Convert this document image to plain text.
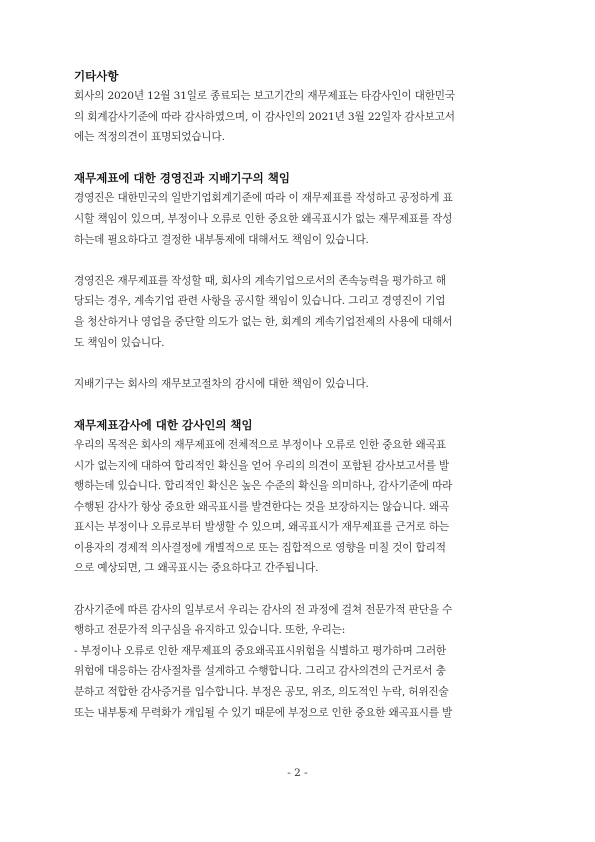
기타사항
회사의 2020년 12월 31일로 종료되는 보고기간의 재무제표는 타감사인이 대한민국
의 회계감사기준에 따라 감사하였으며, 이 감사인의 2021년 3월 22일자 감사보고서
에는 적정의견이 표명되었습니다.
재무제표에 대한 경영진과 지배기구의 책임
경영진은 대한민국의 일반기업회계기준에 따라 이 재무제표를 작성하고 공정하게 표
시할 책임이 있으며, 부정이나 오류로 인한 중요한 왜곡표시가 없는 재무제표를 작성
하는데 필요하다고 결정한 내부통제에 대해서도 책임이 있습니다.
경영진은 재무제표를 작성할 때, 회사의 계속기업으로서의 존속능력을 평가하고 해
당되는 경우, 계속기업 관련 사항을 공시할 책임이 있습니다. 그리고 경영진이 기업
을 청산하거나 영업을 중단할 의도가 없는 한, 회계의 계속기업전제의 사용에 대해서
도 책임이 있습니다.
지배기구는 회사의 재무보고절차의 감시에 대한 책임이 있습니다.
재무제표감사에 대한 감사인의 책임
우리의 목적은 회사의 재무제표에 전체적으로 부정이나 오류로 인한 중요한 왜곡표
시가 없는지에 대하여 합리적인 확신을 얻어 우리의 의견이 포함된 감사보고서를 발
행하는데 있습니다. 합리적인 확신은 높은 수준의 확신을 의미하나, 감사기준에 따라
수행된 감사가 항상 중요한 왜곡표시를 발견한다는 것을 보장하지는 않습니다. 왜곡
표시는 부정이나 오류로부터 발생할 수 있으며, 왜곡표시가 재무제표를 근거로 하는
이용자의 경제적 의사결정에 개별적으로 또는 집합적으로 영향을 미칠 것이 합리적
으로 예상되면, 그 왜곡표시는 중요하다고 간주됩니다.
감사기준에 따른 감사의 일부로서 우리는 감사의 전 과정에 걸쳐 전문가적 판단을 수
행하고 전문가적 의구심을 유지하고 있습니다. 또한, 우리는:
- 부정이나 오류로 인한 재무제표의 중요왜곡표시위험을 식별하고 평가하며 그러한
위험에 대응하는 감사절차를 설계하고 수행합니다. 그리고 감사의견의 근거로서 충
분하고 적합한 감사증거를 입수합니다. 부정은 공모, 위조, 의도적인 누락, 허위진술
또는 내부통제 무력화가 개입될 수 있기 때문에 부정으로 인한 중요한 왜곡표시를 발
- 2 -
